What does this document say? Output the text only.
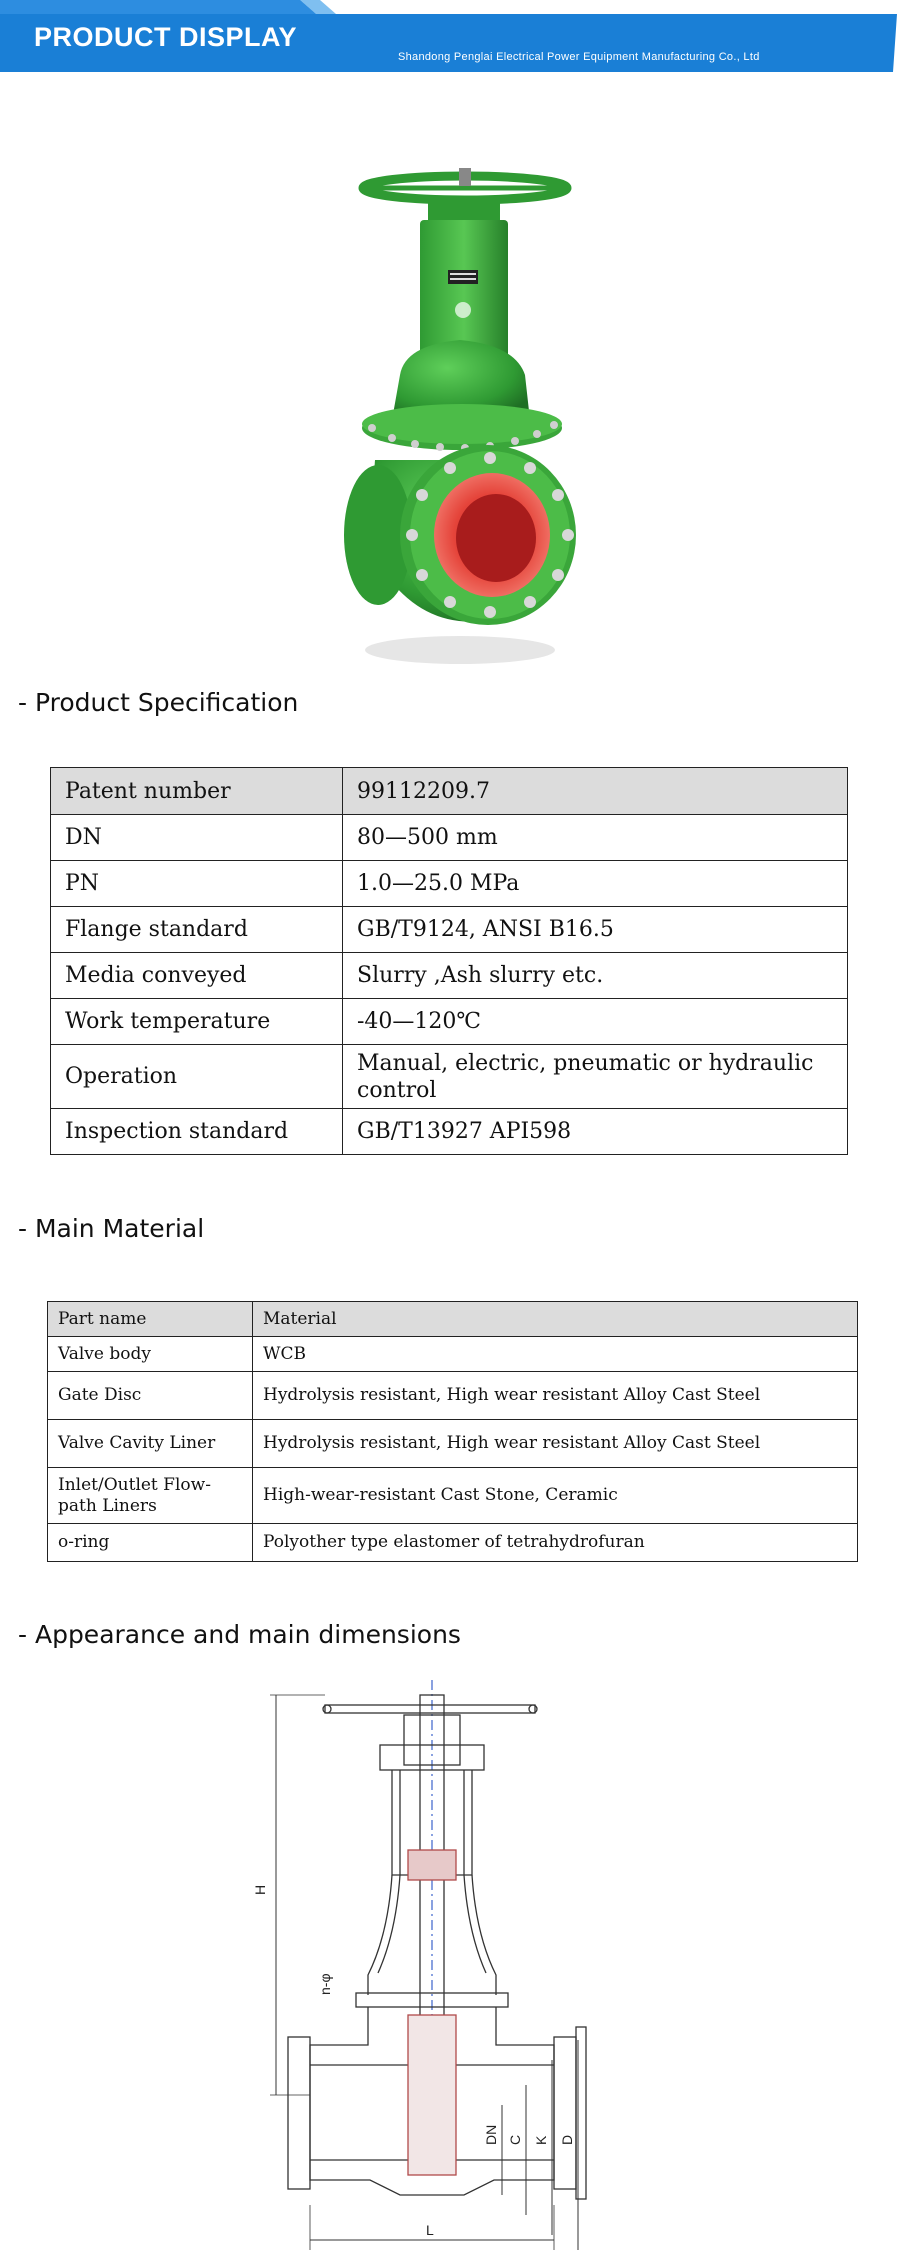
PRODUCT DISPLAY
Shandong Penglai Electrical Power Equipment Manufacturing Co., Ltd
- Product Specification
Patent number	99112209.7
DN	80—500 mm
PN	1.0—25.0 MPa
Flange standard	GB/T9124, ANSI B16.5
Media conveyed	Slurry ,Ash slurry etc.
Work temperature	-40—120℃
Operation	Manual, electric, pneumatic or hydraulic control
Inspection standard	GB/T13927 API598
- Main Material
Part name	Material
Valve body	WCB
Gate Disc	Hydrolysis resistant, High wear resistant Alloy Cast Steel
Valve Cavity Liner	Hydrolysis resistant, High wear resistant Alloy Cast Steel
Inlet/Outlet Flow-path Liners	High-wear-resistant Cast Stone, Ceramic
o-ring	Polyother type elastomer of tetrahydrofuran
- Appearance and main dimensions
H
n-φ
DN C K D
L
